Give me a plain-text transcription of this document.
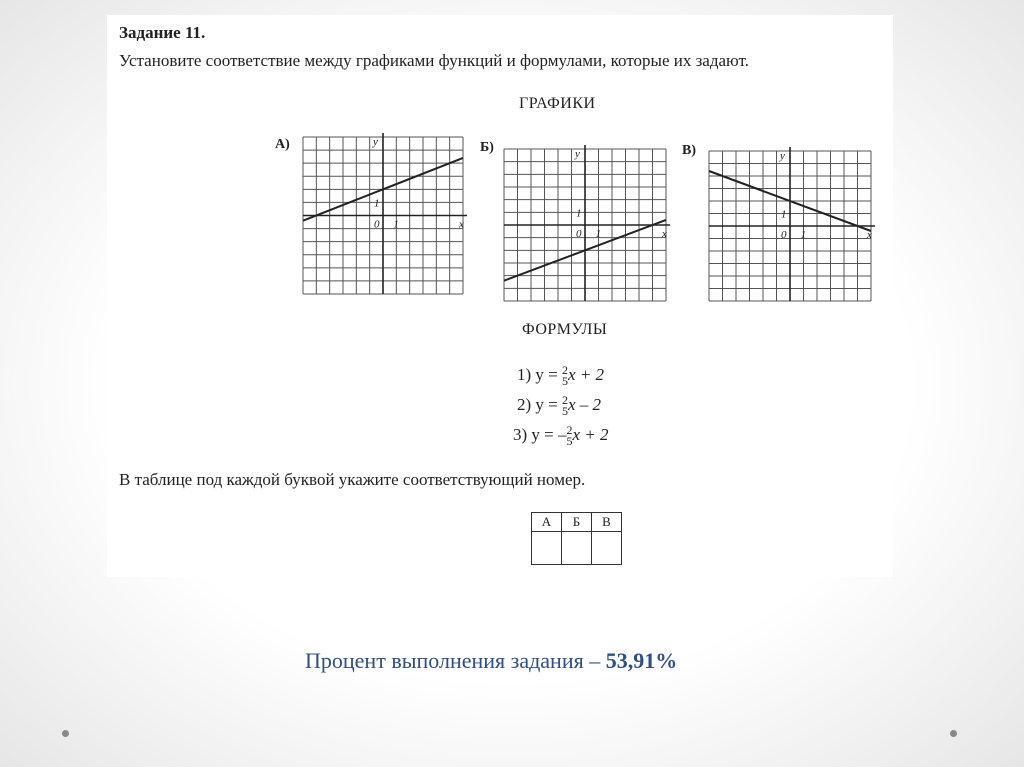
Задание 11.
Установите соответствие между графиками функций и формулами, которые их задают.
ГРАФИКИ
А)	Б)	В)
x
y
0 1
1
x
y
0 1
1
x
y
0 1
1
ФОРМУЛЫ
1) y = 2
5x + 2
2) y = 2
5x – 2
3) y = –2
5x + 2
В таблице под каждой буквой укажите соответствующий номер.
А	Б	В

Процент выполнения задания – 53,91%
